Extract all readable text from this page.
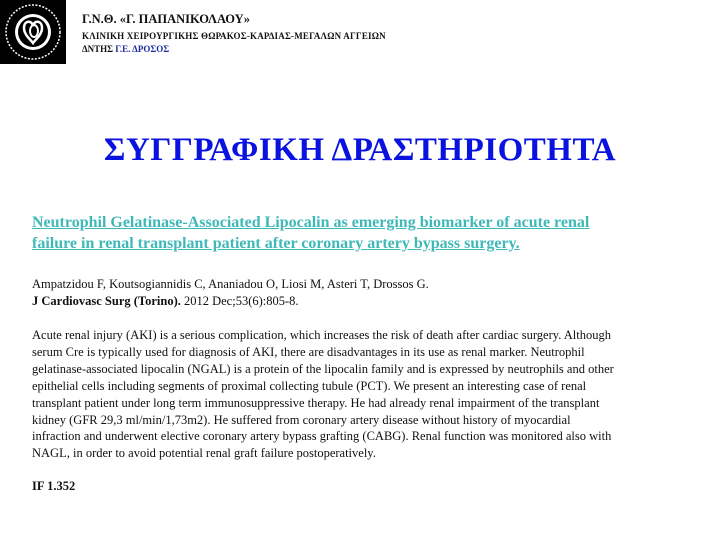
Γ.Ν.Θ. «Γ. ΠΑΠΑΝΙΚΟΛΑΟΥ»
ΚΛΙΝΙΚΗ ΧΕΙΡΟΥΡΓΙΚΗΣ ΘΩΡΑΚΟΣ-ΚΑΡΔΙΑΣ-ΜΕΓΑΛΩΝ ΑΓΓΕΙΩΝ
ΔΝΤΗΣ Γ.Ε. ΔΡΟΣΟΣ
ΣΥΓΓΡΑΦΙΚΗ ΔΡΑΣΤΗΡΙΟΤΗΤΑ
Neutrophil Gelatinase-Associated Lipocalin as emerging biomarker of acute renal
failure in renal transplant patient after coronary artery bypass surgery.
Ampatzidou F, Koutsogiannidis C, Ananiadou O, Liosi M, Asteri T, Drossos G.
J Cardiovasc Surg (Torino). 2012 Dec;53(6):805-8.
Acute renal injury (AKI) is a serious complication, which increases the risk of death after cardiac surgery. Although
serum Cre is typically used for diagnosis of AKI, there are disadvantages in its use as renal marker. Neutrophil
gelatinase-associated lipocalin (NGAL) is a protein of the lipocalin family and is expressed by neutrophils and other
epithelial cells including segments of proximal collecting tubule (PCT). We present an interesting case of renal
transplant patient under long term immunosuppressive therapy. He had already renal impairment of the transplant
kidney (GFR 29,3 ml/min/1,73m2). He suffered from coronary artery disease without history of myocardial
infraction and underwent elective coronary artery bypass grafting (CABG). Renal function was monitored also with
NAGL, in order to avoid potential renal graft failure postoperatively.
IF 1.352
